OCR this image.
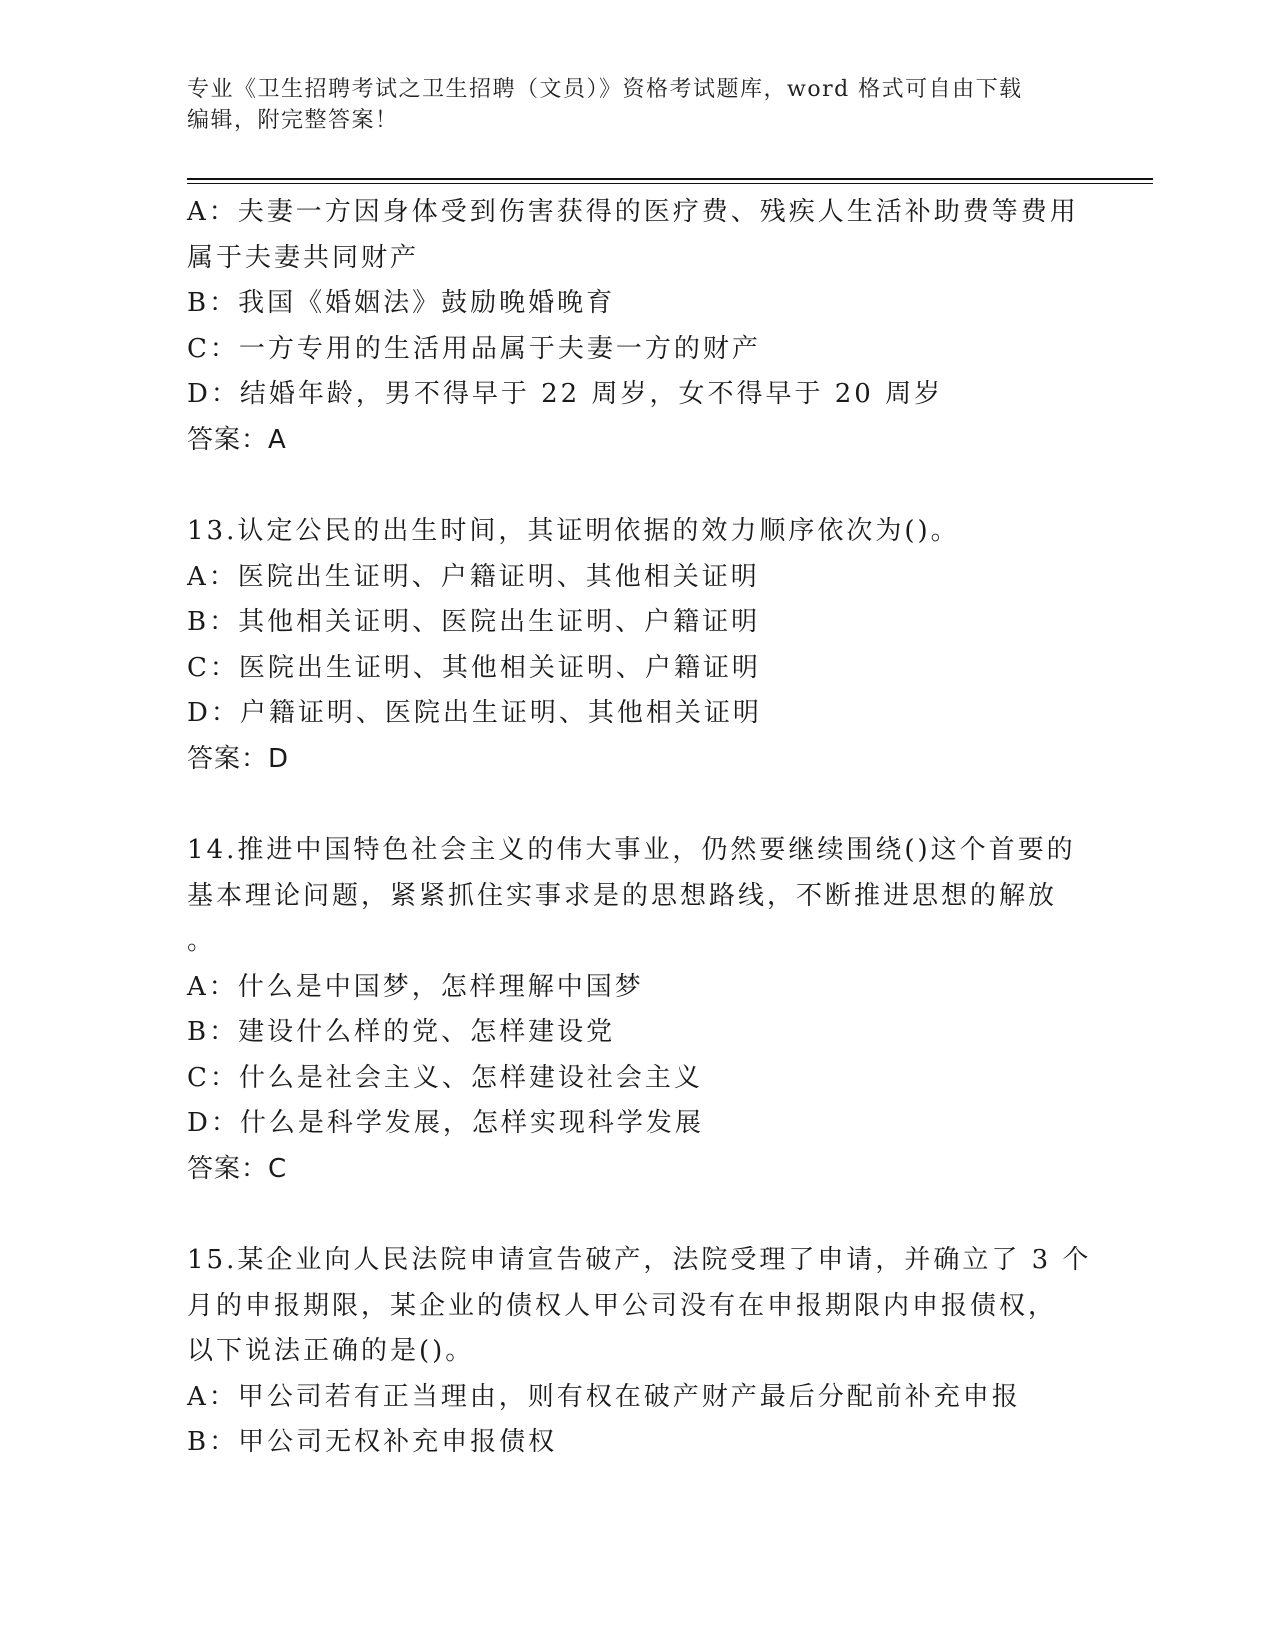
专业《卫生招聘考试之卫生招聘（文员）》资格考试题库，word 格式可自由下载
编辑，附完整答案！
A：夫妻一方因身体受到伤害获得的医疗费、残疾人生活补助费等费用
属于夫妻共同财产
B：我国《婚姻法》鼓励晚婚晚育
C：一方专用的生活用品属于夫妻一方的财产
D：结婚年龄，男不得早于 22 周岁，女不得早于 20 周岁
答案：A
13.认定公民的出生时间，其证明依据的效力顺序依次为()。
A：医院出生证明、户籍证明、其他相关证明
B：其他相关证明、医院出生证明、户籍证明
C：医院出生证明、其他相关证明、户籍证明
D：户籍证明、医院出生证明、其他相关证明
答案：D
14.推进中国特色社会主义的伟大事业，仍然要继续围绕()这个首要的
基本理论问题，紧紧抓住实事求是的思想路线，不断推进思想的解放
。
A：什么是中国梦，怎样理解中国梦
B：建设什么样的党、怎样建设党
C：什么是社会主义、怎样建设社会主义
D：什么是科学发展，怎样实现科学发展
答案：C
15.某企业向人民法院申请宣告破产，法院受理了申请，并确立了 3 个
月的申报期限，某企业的债权人甲公司没有在申报期限内申报债权，
以下说法正确的是()。
A：甲公司若有正当理由，则有权在破产财产最后分配前补充申报
B：甲公司无权补充申报债权
